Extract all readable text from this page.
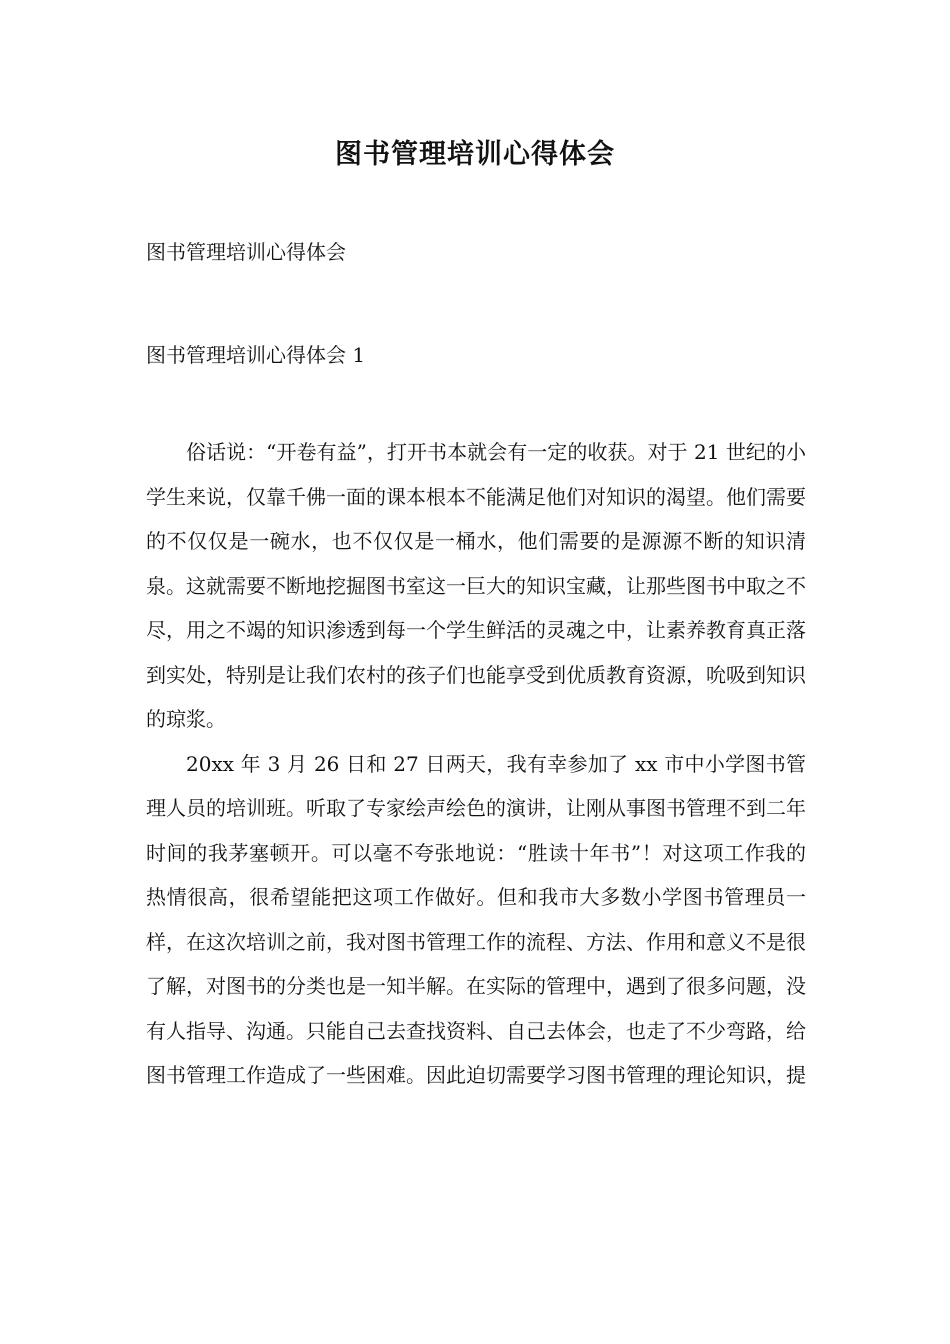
图书管理培训心得体会
图书管理培训心得体会
图书管理培训心得体会 1

俗话说：“开卷有益”，打开书本就会有一定的收获。对于 21 世纪的小学生来说，仅靠千佛一面的课本根本不能满足他们对知识的渴望。他们需要的不仅仅是一碗水，也不仅仅是一桶水，他们需要的是源源不断的知识清泉。这就需要不断地挖掘图书室这一巨大的知识宝藏，让那些图书中取之不尽，用之不竭的知识渗透到每一个学生鲜活的灵魂之中，让素养教育真正落到实处，特别是让我们农村的孩子们也能享受到优质教育资源，吮吸到知识的琼浆。

20xx 年 3 月 26 日和 27 日两天，我有幸参加了 xx 市中小学图书管理人员的培训班。听取了专家绘声绘色的演讲，让刚从事图书管理不到二年时间的我茅塞顿开。可以毫不夸张地说：“胜读十年书”！对这项工作我的热情很高，很希望能把这项工作做好。但和我市大多数小学图书管理员一样，在这次培训之前，我对图书管理工作的流程、方法、作用和意义不是很了解，对图书的分类也是一知半解。在实际的管理中，遇到了很多问题，没有人指导、沟通。只能自己去查找资料、自己去体会，也走了不少弯路，给图书管理工作造成了一些困难。因此迫切需要学习图书管理的理论知识，提
